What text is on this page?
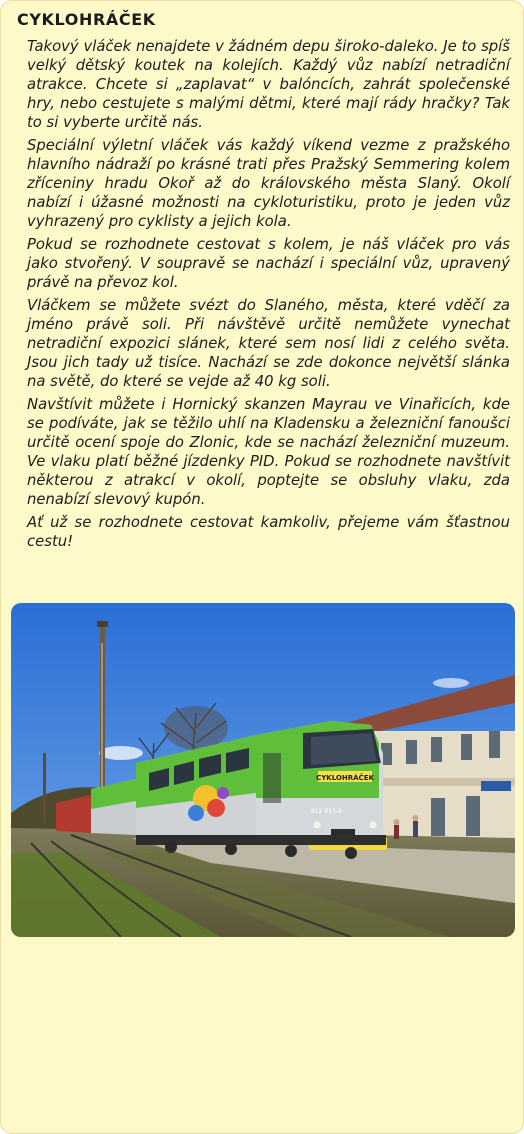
CYKLOHRÁČEK

Takový vláček nenajdete v žádném depu široko-daleko. Je to spíš velký dětský koutek na kolejích. Každý vůz nabízí netradiční atrakce. Chcete si „zaplavat“ v balóncích, zahrát společenské hry, nebo cestujete s malými dětmi, které mají rády hračky? Tak to si vyberte určitě nás.

Speciální výletní vláček vás každý víkend vezme z pražského hlavního nádraží po krásné trati přes Pražský Semmering kolem zříceniny hradu Okoř až do královského města Slaný. Okolí nabízí i úžasné možnosti na cykloturistiku, proto je jeden vůz vyhrazený pro cyklisty a jejich kola.

Pokud se rozhodnete cestovat s kolem, je náš vláček pro vás jako stvořený. V soupravě se nachází i speciální vůz, upravený právě na převoz kol.

Vláčkem se můžete svézt do Slaného, města, které vděčí za jméno právě soli. Při návštěvě určitě nemůžete vynechat netradiční expozici slánek, které sem nosí lidi z celého světa. Jsou jich tady už tisíce. Nachází se zde dokonce největší slánka na světě, do které se vejde až 40 kg soli.

Navštívit můžete i Hornický skanzen Mayrau ve Vinařicích, kde se podíváte, jak se těžilo uhlí na Kladensku a železniční fanoušci určitě ocení spoje do Zlonic, kde se nachází železniční muzeum. Ve vlaku platí běžné jízdenky PID. Pokud se rozhodnete navštívit některou z atrakcí v okolí, poptejte se obsluhy vlaku, zda nenabízí slevový kupón.

Ať už se rozhodnete cestovat kamkoliv, přejeme vám šťastnou cestu!

CYKLOHRÁČEK
812 613-8
